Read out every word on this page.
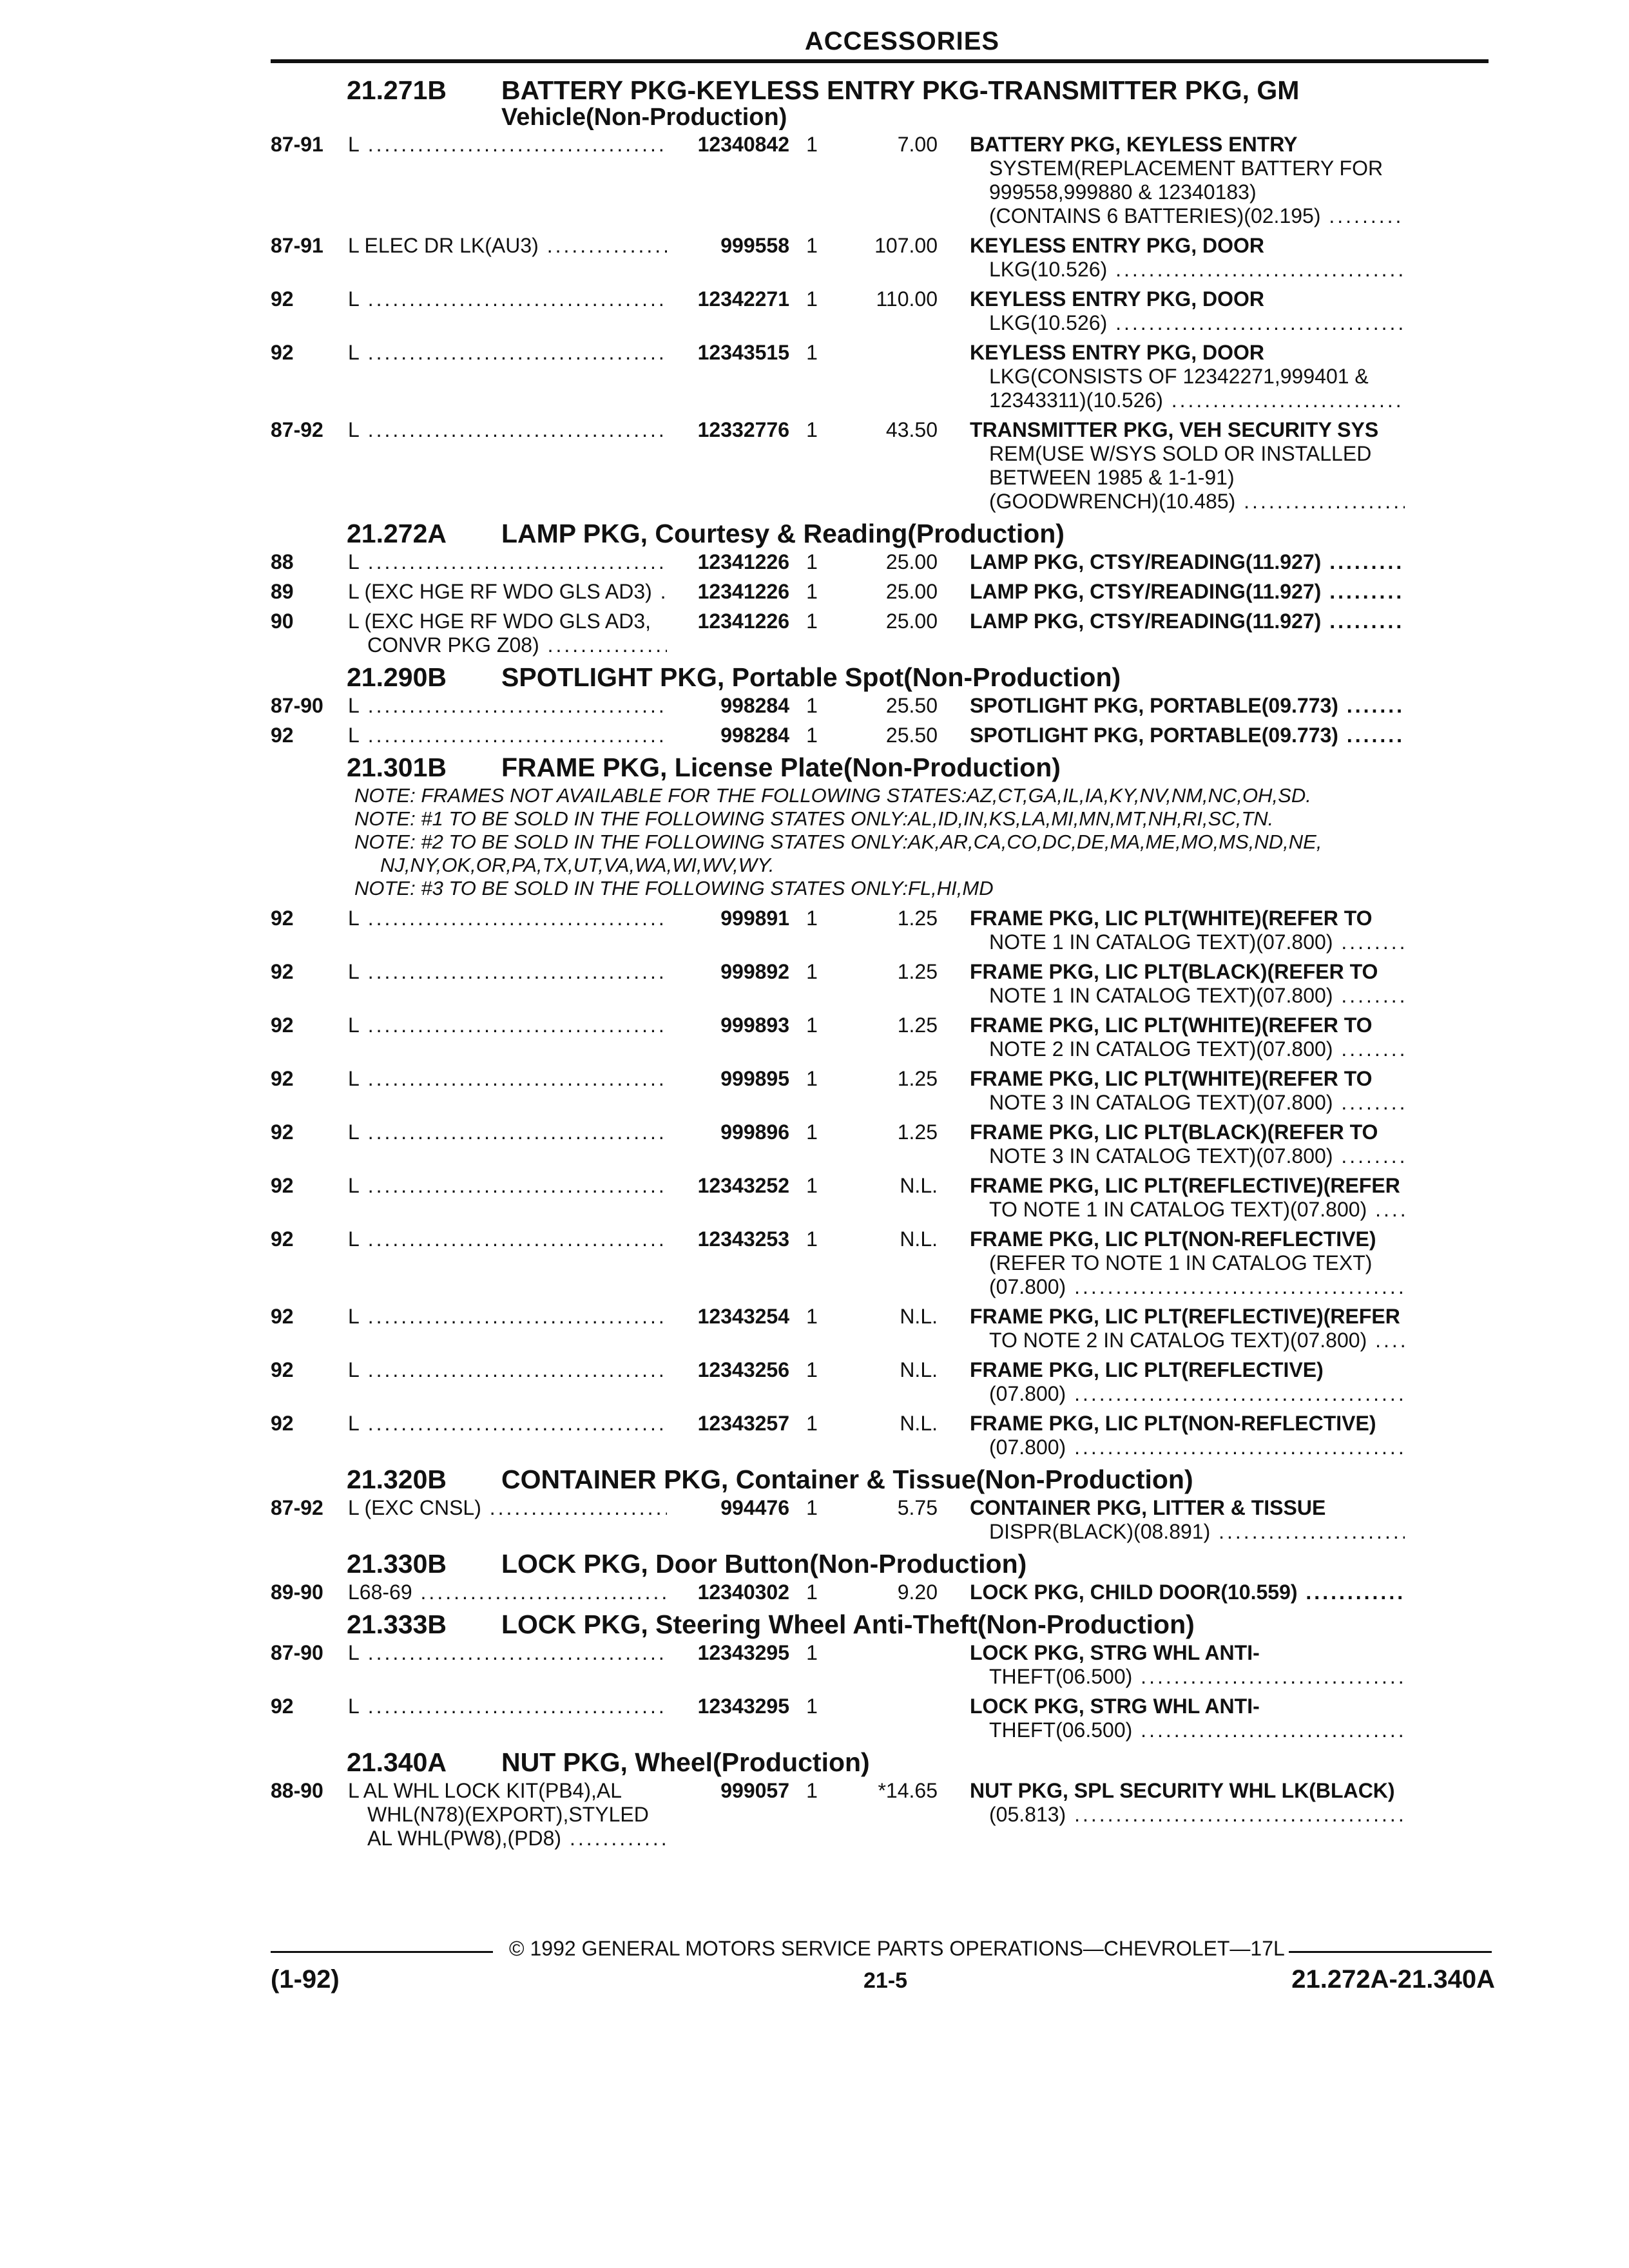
ACCESSORIES
21.271B	BATTERY PKG-KEYLESS ENTRY PKG-TRANSMITTER PKG, GM
Vehicle(Non-Production)
87-91	L .....	12340842 1	7.00 BATTERY PKG, KEYLESS ENTRY
SYSTEM(REPLACEMENT BATTERY FOR
999558,999880 & 12340183)
(CONTAINS 6 BATTERIES)(02.195) .....
87-91	L ELEC DR LK(AU3) .....	999558 1	107.00 KEYLESS ENTRY PKG, DOOR
LKG(10.526) .....
92	L .....	12342271 1	110.00 KEYLESS ENTRY PKG, DOOR
LKG(10.526) .....
92	L .....	12343515 1	KEYLESS ENTRY PKG, DOOR
LKG(CONSISTS OF 12342271,999401 &
12343311)(10.526) .....
87-92	L .....	12332776 1	43.50 TRANSMITTER PKG, VEH SECURITY SYS
REM(USE W/SYS SOLD OR INSTALLED
BETWEEN 1985 & 1-1-91)
(GOODWRENCH)(10.485) .....
21.272A	LAMP PKG, Courtesy & Reading(Production)
88	L .....	12341226 1	25.00 LAMP PKG, CTSY/READING(11.927) .....
89	L (EXC HGE RF WDO GLS AD3) .....	12341226 1	25.00 LAMP PKG, CTSY/READING(11.927) .....
90	L (EXC HGE RF WDO GLS AD3,
CONVR PKG Z08) .....
12341226 1	25.00 LAMP PKG, CTSY/READING(11.927) .....
21.290B	SPOTLIGHT PKG, Portable Spot(Non-Production)
87-90	L .....	998284 1	25.50 SPOTLIGHT PKG, PORTABLE(09.773) .....
92	L .....	998284 1	25.50 SPOTLIGHT PKG, PORTABLE(09.773) .....
21.301B	FRAME PKG, License Plate(Non-Production)
NOTE: FRAMES NOT AVAILABLE FOR THE FOLLOWING STATES:AZ,CT,GA,IL,IA,KY,NV,NM,NC,OH,SD.
NOTE: #1 TO BE SOLD IN THE FOLLOWING STATES ONLY:AL,ID,IN,KS,LA,MI,MN,MT,NH,RI,SC,TN.
NOTE: #2 TO BE SOLD IN THE FOLLOWING STATES ONLY:AK,AR,CA,CO,DC,DE,MA,ME,MO,MS,ND,NE,
NJ,NY,OK,OR,PA,TX,UT,VA,WA,WI,WV,WY.
NOTE: #3 TO BE SOLD IN THE FOLLOWING STATES ONLY:FL,HI,MD
92	L .....	999891 1	1.25 FRAME PKG, LIC PLT(WHITE)(REFER TO
NOTE 1 IN CATALOG TEXT)(07.800) .....
92	L .....	999892 1	1.25 FRAME PKG, LIC PLT(BLACK)(REFER TO
NOTE 1 IN CATALOG TEXT)(07.800) .....
92	L .....	999893 1	1.25 FRAME PKG, LIC PLT(WHITE)(REFER TO
NOTE 2 IN CATALOG TEXT)(07.800) .....
92	L .....	999895 1	1.25 FRAME PKG, LIC PLT(WHITE)(REFER TO
NOTE 3 IN CATALOG TEXT)(07.800) .....
92	L .....	999896 1	1.25 FRAME PKG, LIC PLT(BLACK)(REFER TO
NOTE 3 IN CATALOG TEXT)(07.800) .....
92	L .....	12343252 1	N.L. FRAME PKG, LIC PLT(REFLECTIVE)(REFER
TO NOTE 1 IN CATALOG TEXT)(07.800) .....
92	L .....	12343253 1	N.L. FRAME PKG, LIC PLT(NON-REFLECTIVE)
(REFER TO NOTE 1 IN CATALOG TEXT)
(07.800) .....
92	L .....	12343254 1	N.L. FRAME PKG, LIC PLT(REFLECTIVE)(REFER
TO NOTE 2 IN CATALOG TEXT)(07.800) .....
92	L .....	12343256 1	N.L. FRAME PKG, LIC PLT(REFLECTIVE)
(07.800) .....
92	L .....	12343257 1	N.L. FRAME PKG, LIC PLT(NON-REFLECTIVE)
(07.800) .....
21.320B	CONTAINER PKG, Container & Tissue(Non-Production)
87-92	L (EXC CNSL) .....	994476 1	5.75 CONTAINER PKG, LITTER & TISSUE
DISPR(BLACK)(08.891) .....
21.330B	LOCK PKG, Door Button(Non-Production)
89-90	L68-69 .....	12340302 1	9.20 LOCK PKG, CHILD DOOR(10.559) .....
21.333B	LOCK PKG, Steering Wheel Anti-Theft(Non-Production)
87-90	L .....	12343295 1	LOCK PKG, STRG WHL ANTI-
THEFT(06.500) .....
92	L .....	12343295 1	LOCK PKG, STRG WHL ANTI-
THEFT(06.500) .....
21.340A	NUT PKG, Wheel(Production)
88-90	L AL WHL LOCK KIT(PB4),AL
WHL(N78)(EXPORT),STYLED
AL WHL(PW8),(PD8) .....
999057 1	*14.65 NUT PKG, SPL SECURITY WHL LK(BLACK)
(05.813) .....
© 1992 GENERAL MOTORS SERVICE PARTS OPERATIONS—CHEVROLET—17L
(1-92)	21-5	21.272A-21.340A
